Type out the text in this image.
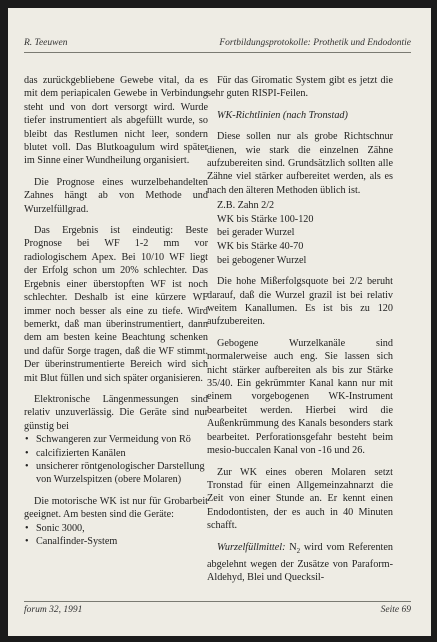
R. Teeuwen	Fortbildungsprotokolle: Prothetik und Endodontie

das zurückgebliebene Gewebe vital, da es mit dem periapicalen Gewebe in Verbindung steht und von dort versorgt wird. Wurde tiefer instrumentiert als abgefüllt wurde, so bleibt das Restlumen nicht leer, sondern blutet voll. Das Blutkoagulum wird später im Sinne einer Wundheilung organisiert.

Die Prognose eines wurzelbehandelten Zahnes hängt ab von Methode und Wurzelfüllgrad.

Das Ergebnis ist eindeutig: Beste Prognose bei WF 1-2 mm vor radiologischem Apex. Bei 10/10 WF liegt der Erfolg schon um 20% schlechter. Das Ergebnis einer überstopften WF ist noch schlechter. Deshalb ist eine kürzere WF immer noch besser als eine zu tiefe. Wird bemerkt, daß man überinstrumentiert, dann dem am besten keine Beachtung schenken und dafür Sorge tragen, daß die WF stimmt. Der überinstrumentierte Bereich wird sich mit Blut füllen und sich später organisieren.

Elektronische Längenmessungen sind relativ unzuverlässig. Die Geräte sind nur günstig bei

• Schwangeren zur Vermeidung von Rö
• calcifizierten Kanälen
• unsicherer röntgenologischer Darstellung von Wurzelspitzen (obere Molaren)

Die motorische WK ist nur für Grobarbeit geeignet. Am besten sind die Geräte:

• Sonic 3000,
• Canalfinder-System

Für das Giromatic System gibt es jetzt die sehr guten RISPI-Feilen.

WK-Richtlinien (nach Tronstad)

Diese sollen nur als grobe Richtschnur dienen, wie stark die einzelnen Zähne aufzubereiten sind. Grundsätzlich sollten alle Zähne viel stärker aufbereitet werden, als es nach den älteren Methoden üblich ist.

Z.B. Zahn 2/2
WK bis Stärke 100-120
bei gerader Wurzel
WK bis Stärke 40-70
bei gebogener Wurzel

Die hohe Mißerfolgsquote bei 2/2 beruht darauf, daß die Wurzel grazil ist bei relativ weitem Kanallumen. Es ist bis zu 120 aufzubereiten.

Gebogene Wurzelkanäle sind normalerweise auch eng. Sie lassen sich nicht stärker aufbereiten als bis zur Stärke 35/40. Ein gekrümmter Kanal kann nur mit einem vorgebogenen WK-Instrument bearbeitet werden. Hierbei wird die Außenkrümmung des Kanals besonders stark bearbeitet. Perforationsgefahr besteht beim mesio-buccalen Kanal von -16 und 26.

Zur WK eines oberen Molaren setzt Tronstad für einen Allgemeinzahnarzt die Zeit von einer Stunde an. Er kennt einen Endodontisten, der es auch in 40 Minuten schafft.

Wurzelfüllmittel: $N_2$ wird vom Referenten abgelehnt wegen der Zusätze von Paraform-Aldehyd, Blei und Quecksil-

forum 32, 1991	Seite 69
